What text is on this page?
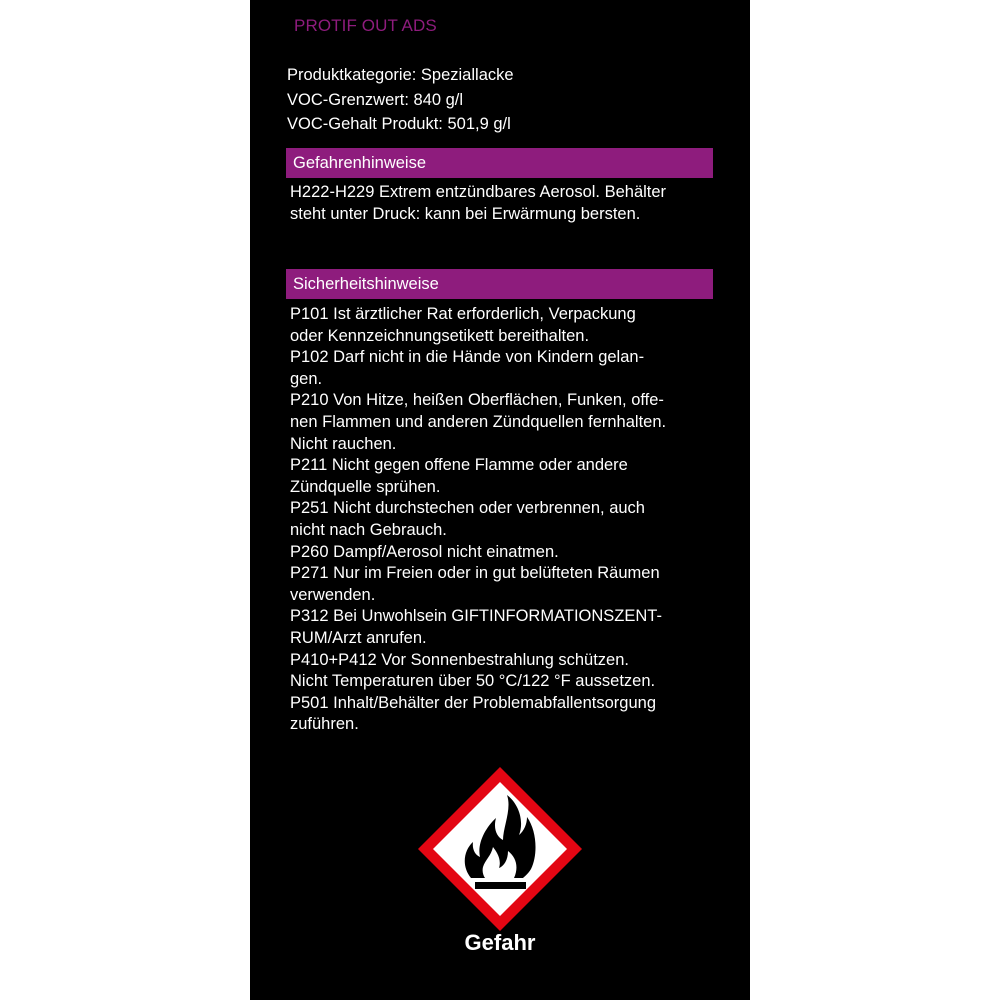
PROTIF OUT ADS
Produktkategorie: Speziallacke
VOC-Grenzwert: 840 g/l
VOC-Gehalt Produkt: 501,9 g/l
Gefahrenhinweise
H222-H229 Extrem entzündbares Aerosol. Behälter
steht unter Druck: kann bei Erwärmung bersten.
Sicherheitshinweise
P101 Ist ärztlicher Rat erforderlich, Verpackung
oder Kennzeichnungsetikett bereithalten.
P102 Darf nicht in die Hände von Kindern gelan-
gen.
P210 Von Hitze, heißen Oberflächen, Funken, offe-
nen Flammen und anderen Zündquellen fernhalten.
Nicht rauchen.
P211 Nicht gegen offene Flamme oder andere
Zündquelle sprühen.
P251 Nicht durchstechen oder verbrennen, auch
nicht nach Gebrauch.
P260 Dampf/Aerosol nicht einatmen.
P271 Nur im Freien oder in gut belüfteten Räumen
verwenden.
P312 Bei Unwohlsein GIFTINFORMATIONSZENT-
RUM/Arzt anrufen.
P410+P412 Vor Sonnenbestrahlung schützen.
Nicht Temperaturen über 50 °C/122 °F aussetzen.
P501 Inhalt/Behälter der Problemabfallentsorgung
zuführen.
Gefahr
